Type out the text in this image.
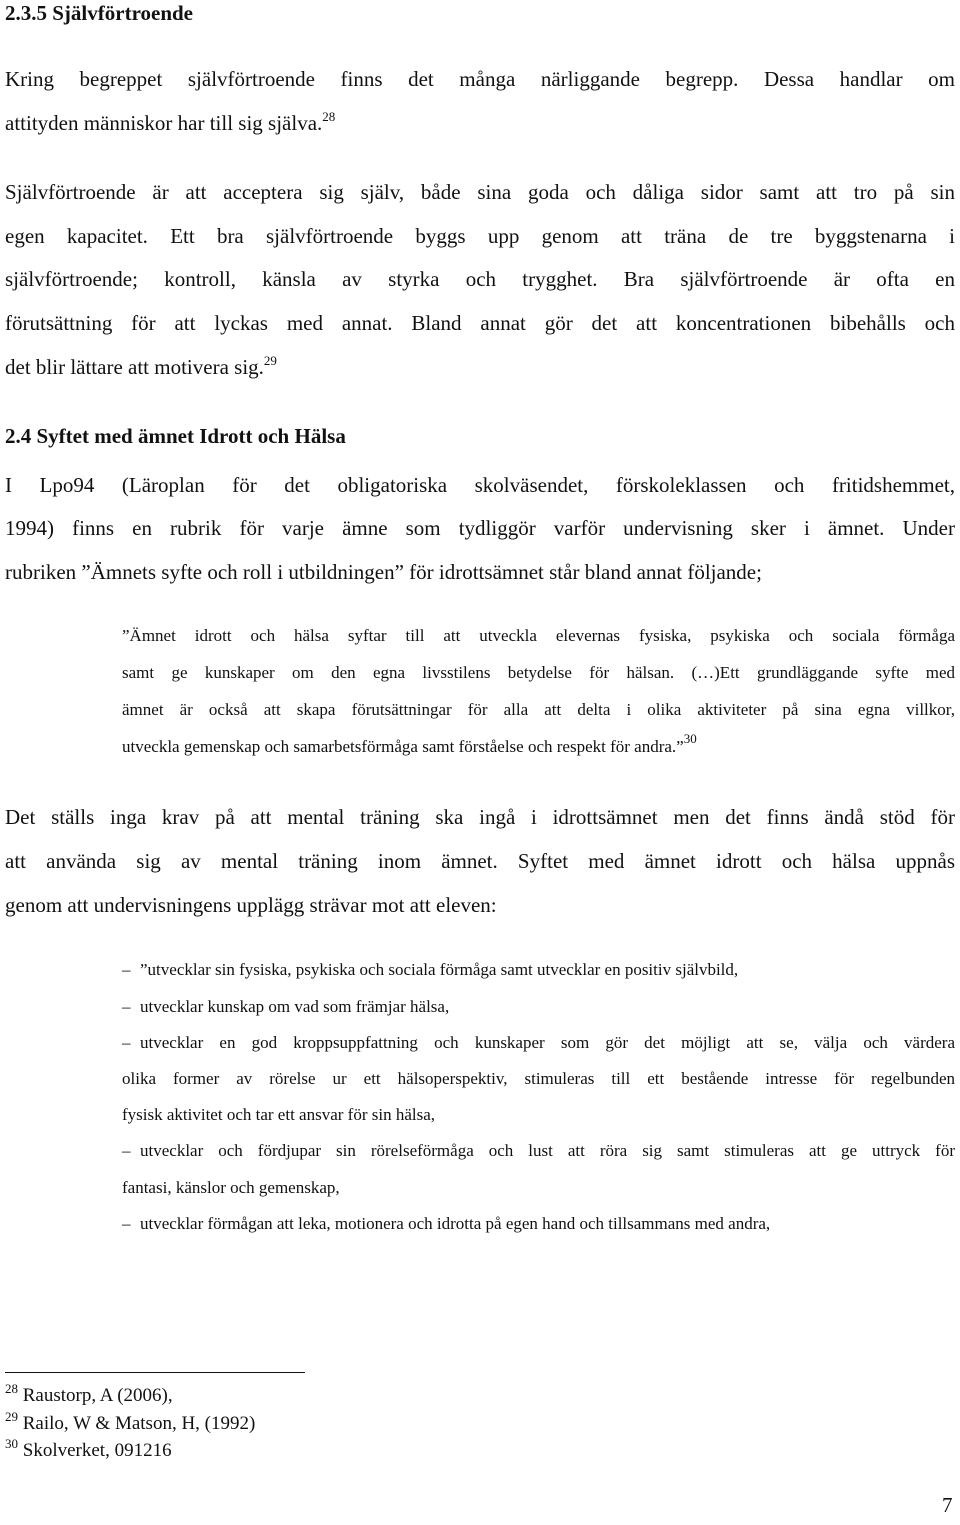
2.3.5 Självförtroende
Kring begreppet självförtroende finns det många närliggande begrepp. Dessa handlar om
attityden människor har till sig själva.$^{28}$
Självförtroende är att acceptera sig själv, både sina goda och dåliga sidor samt att tro på sin
egen kapacitet. Ett bra självförtroende byggs upp genom att träna de tre byggstenarna i
självförtroende; kontroll, känsla av styrka och trygghet. Bra självförtroende är ofta en
förutsättning för att lyckas med annat. Bland annat gör det att koncentrationen bibehålls och
det blir lättare att motivera sig.$^{29}$
2.4 Syftet med ämnet Idrott och Hälsa
I Lpo94 (Läroplan för det obligatoriska skolväsendet, förskoleklassen och fritidshemmet,
1994) finns en rubrik för varje ämne som tydliggör varför undervisning sker i ämnet. Under
rubriken ”Ämnets syfte och roll i utbildningen” för idrottsämnet står bland annat följande;
”Ämnet idrott och hälsa syftar till att utveckla elevernas fysiska, psykiska och sociala förmåga
samt ge kunskaper om den egna livsstilens betydelse för hälsan. (…)Ett grundläggande syfte med
ämnet är också att skapa förutsättningar för alla att delta i olika aktiviteter på sina egna villkor,
utveckla gemenskap och samarbetsförmåga samt förståelse och respekt för andra.”$^{30}$
Det ställs inga krav på att mental träning ska ingå i idrottsämnet men det finns ändå stöd för
att använda sig av mental träning inom ämnet. Syftet med ämnet idrott och hälsa uppnås
genom att undervisningens upplägg strävar mot att eleven:
– ”utvecklar sin fysiska, psykiska och sociala förmåga samt utvecklar en positiv självbild,
– utvecklar kunskap om vad som främjar hälsa,
– utvecklar en god kroppsuppfattning och kunskaper som gör det möjligt att se, välja och värdera
olika former av rörelse ur ett hälsoperspektiv, stimuleras till ett bestående intresse för regelbunden
fysisk aktivitet och tar ett ansvar för sin hälsa,
– utvecklar och fördjupar sin rörelseförmåga och lust att röra sig samt stimuleras att ge uttryck för
fantasi, känslor och gemenskap,
– utvecklar förmågan att leka, motionera och idrotta på egen hand och tillsammans med andra,
$^{28}$ Raustorp, A (2006),
$^{29}$ Railo, W & Matson, H, (1992)
$^{30}$ Skolverket, 091216
7
